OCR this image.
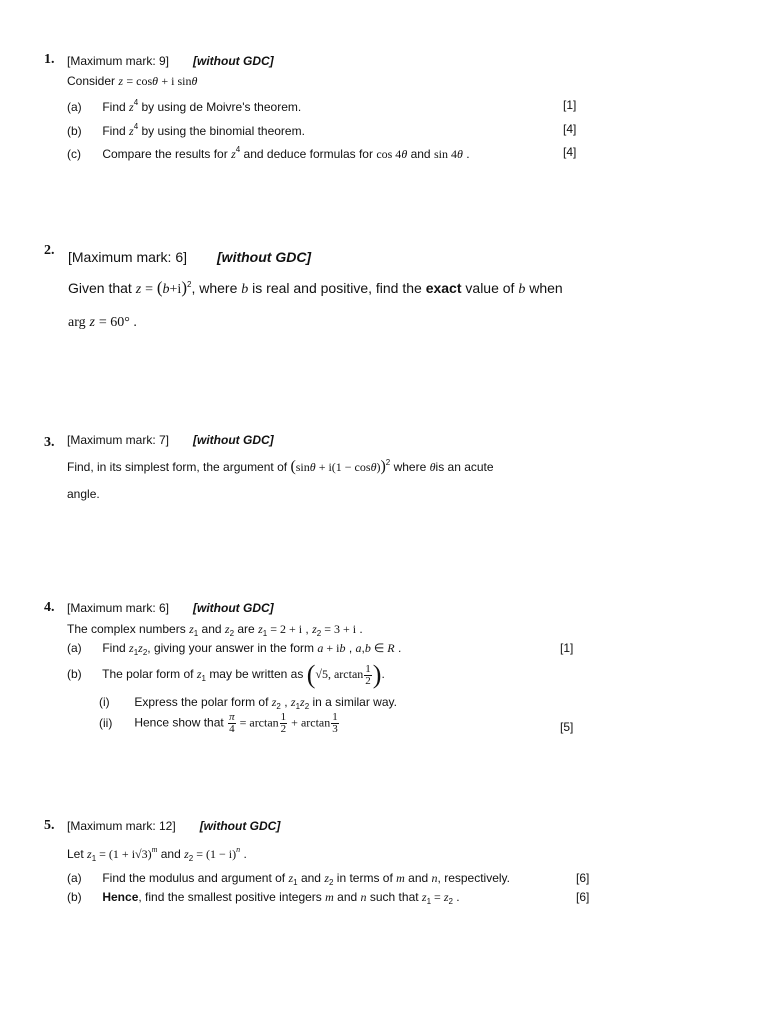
1. [Maximum mark: 9] [without GDC]
Consider z = cosθ + i sinθ
(a) Find $z^4$ by using de Moivre's theorem.	[1]
(b) Find $z^4$ by using the binomial theorem.	[4]
(c) Compare the results for $z^4$ and deduce formulas for cos 4θ and sin 4θ .	[4]
2. [Maximum mark: 6] [without GDC]
Given that $z = (b+i)^2$, where b is real and positive, find the exact value of b when
arg z = 60° .
3. [Maximum mark: 7] [without GDC]
Find, in its simplest form, the argument of $(\sin\theta + i(1 - \cos\theta))^2$ where θis an acute
angle.
4. [Maximum mark: 6] [without GDC]
The complex numbers $z_1$ and $z_2$ are $z_1 = 2 + i$ , $z_2 = 3 + i$ .
(a) Find $z_1z_2$, giving your answer in the form a + ib , a,b ∈ R .	[1]
(b) The polar form of $z_1$ may be written as (√5, $\arctan \frac{1}{2}$ ).
(i) Express the polar form of $z_2$ , $z_1z_2$ in a similar way.
(ii) Hence show that $\frac{\pi}{4} = \arctan \frac{1}{2} + \arctan \frac{1}{3}$	[5]
5. [Maximum mark: 12] [without GDC]
Let $z_1 = (1 + i√3)^m$ and $z_2 = (1 - i)^n$ .
(a) Find the modulus and argument of $z_1$ and $z_2$ in terms of m and n, respectively.	[6]
(b) Hence, find the smallest positive integers m and n such that $z_1 = z_2$ .	[6]
